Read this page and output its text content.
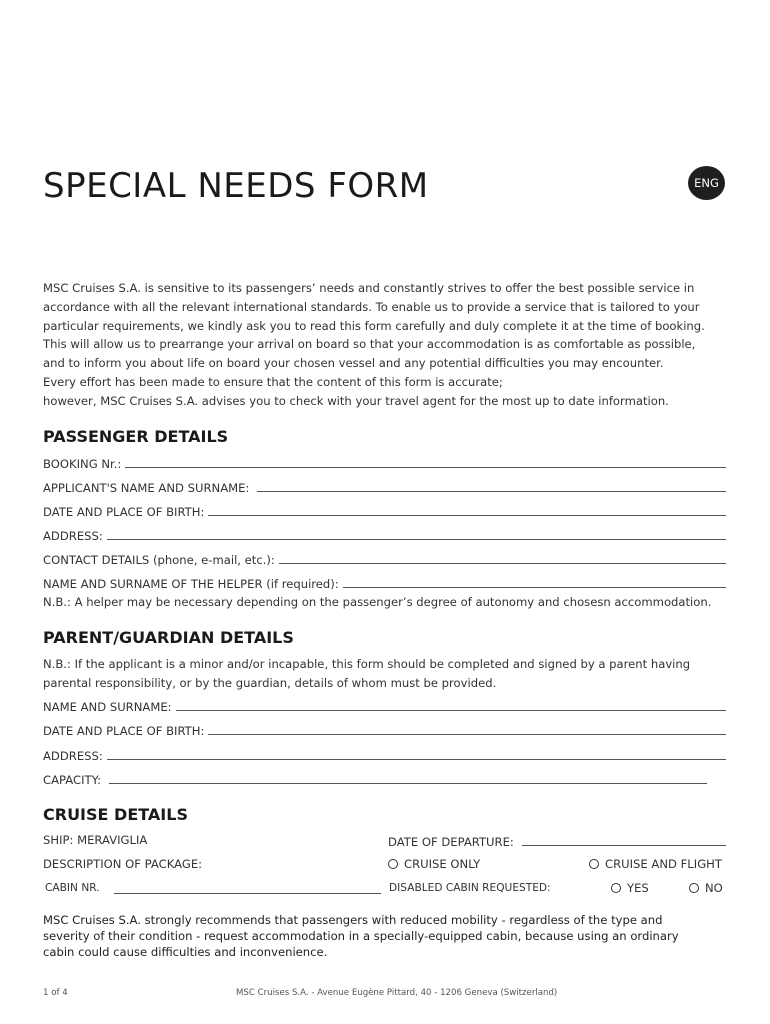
SPECIAL NEEDS FORM	ENG

MSC Cruises S.A. is sensitive to its passengers’ needs and constantly strives to offer the best possible service in
accordance with all the relevant international standards. To enable us to provide a service that is tailored to your
particular requirements, we kindly ask you to read this form carefully and duly complete it at the time of booking.
This will allow us to prearrange your arrival on board so that your accommodation is as comfortable as possible,
and to inform you about life on board your chosen vessel and any potential difficulties you may encounter.
Every effort has been made to ensure that the content of this form is accurate;
however, MSC Cruises S.A. advises you to check with your travel agent for the most up to date information.

PASSENGER DETAILS
BOOKING Nr.:
APPLICANT'S NAME AND SURNAME:
DATE AND PLACE OF BIRTH:
ADDRESS:
CONTACT DETAILS (phone, e-mail, etc.):
NAME AND SURNAME OF THE HELPER (if required):

N.B.: A helper may be necessary depending on the passenger’s degree of autonomy and chosesn accommodation.

PARENT/GUARDIAN DETAILS

N.B.: If the applicant is a minor and/or incapable, this form should be completed and signed by a parent having
parental responsibility, or by the guardian, details of whom must be provided.

NAME AND SURNAME:
DATE AND PLACE OF BIRTH:
ADDRESS:
CAPACITY:
CRUISE DETAILS
SHIP: MERAVIGLIA	DATE OF DEPARTURE:
DESCRIPTION OF PACKAGE:	CRUISE ONLY	CRUISE AND FLIGHT
CABIN NR.	DISABLED CABIN REQUESTED:	YES	NO

MSC Cruises S.A. strongly recommends that passengers with reduced mobility - regardless of the type and
severity of their condition - request accommodation in a specially-equipped cabin, because using an ordinary
cabin could cause difficulties and inconvenience.

1 of 4	MSC Cruises S.A. - Avenue Eugène Pittard, 40 - 1206 Geneva (Switzerland)
